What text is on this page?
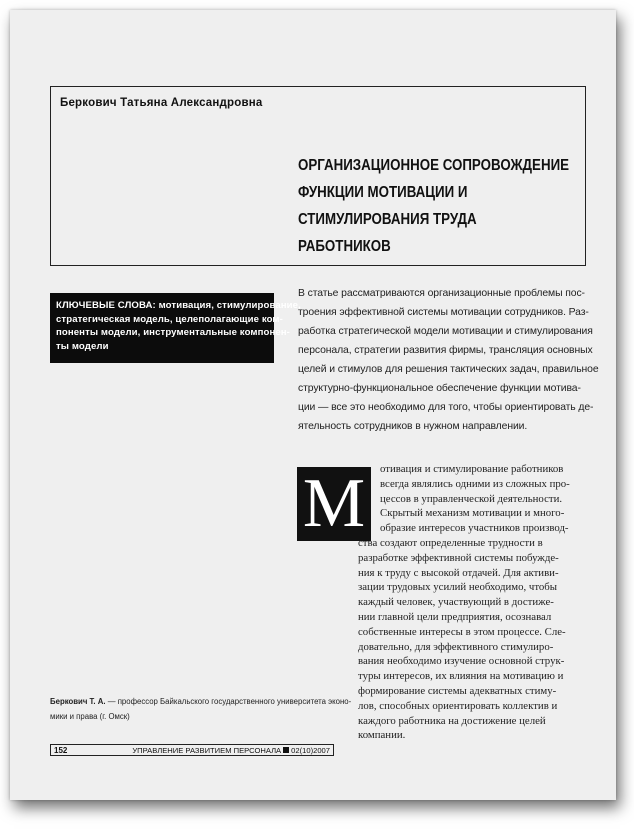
Беркович Татьяна Александровна
ОРГАНИЗАЦИОННОЕ СОПРОВОЖДЕНИЕ
ФУНКЦИИ МОТИВАЦИИ И
СТИМУЛИРОВАНИЯ ТРУДА
РАБОТНИКОВ
КЛЮЧЕВЫЕ СЛОВА: мотивация, стимулирование,
стратегическая модель, целеполагающие ком-
поненты модели, инструментальные компонен-
ты модели
В статье рассматриваются организационные проблемы пос-
троения эффективной системы мотивации сотрудников. Раз-
работка стратегической модели мотивации и стимулирования
персонала, стратегии развития фирмы, трансляция основных
целей и стимулов для решения тактических задач, правильное
структурно-функциональное обеспечение функции мотива-
ции — все это необходимо для того, чтобы ориентировать де-
ятельность сотрудников в нужном направлении.
М	отивация и стимулирование работников
всегда являлись одними из сложных про-
цессов в управленческой деятельности.
Скрытый механизм мотивации и много-
образие интересов участников производ-
ства создают определенные трудности в
разработке эффективной системы побужде-
ния к труду с высокой отдачей. Для активи-
зации трудовых усилий необходимо, чтобы
каждый человек, участвующий в достиже-
нии главной цели предприятия, осознавал
собственные интересы в этом процессе. Сле-
довательно, для эффективного стимулиро-
вания необходимо изучение основной струк-
туры интересов, их влияния на мотивацию и
формирование системы адекватных стиму-
лов, способных ориентировать коллектив и
каждого работника на достижение целей
компании.
Беркович Т. А. — профессор Байкальского государственного университета эконо-
мики и права (г. Омск)
152	УПРАВЛЕНИЕ РАЗВИТИЕМ ПЕРСОНАЛА 02(10)2007
